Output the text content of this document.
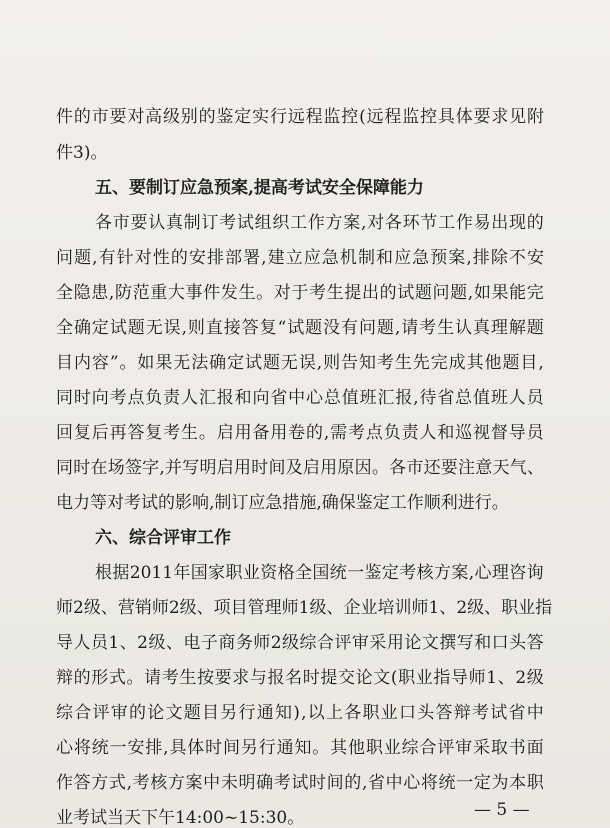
件 的 市 要 对 高 级 别 的 鉴 定 实 行 远 程 监 控 ( 远 程 监 控 具 体 要 求 见 附
件3)。
五、要制订应急预案,提高考试安全保障能力
各 市 要 认 真 制 订 考 试 组 织 工 作 方 案 , 对 各 环 节 工 作 易 出 现 的
问 题 , 有 针 对 性 的 安 排 部 署 , 建 立 应 急 机 制 和 应 急 预 案 , 排 除 不 安
全 隐 患 , 防 范 重 大 事 件 发 生 。 对 于 考 生 提 出 的 试 题 问 题 , 如 果 能 完
全 确 定 试 题 无 误 , 则 直 接 答 复 “ 试 题 没 有 问 题 , 请 考 生 认 真 理 解 题
目 内 容 ” 。 如 果 无 法 确 定 试 题 无 误 , 则 告 知 考 生 先 完 成 其 他 题 目 ,
同 时 向 考 点 负 责 人 汇 报 和 向 省 中 心 总 值 班 汇 报 , 待 省 总 值 班 人 员
回 复 后 再 答 复 考 生 。 启 用 备 用 卷 的 , 需 考 点 负 责 人 和 巡 视 督 导 员
同 时 在 场 签 字 , 并 写 明 启 用 时 间 及 启 用 原 因 。 各 市 还 要 注 意 天 气 、
电力等对考试的影响,制订应急措施,确保鉴定工作顺利进行。
六、综合评审工作
根 据 2011 年 国 家 职 业 资 格 全 国 统 一 鉴 定 考 核 方 案 , 心 理 咨 询
师 2 级 、 营 销 师 2 级 、 项 目 管 理 师 1 级 、 企 业 培 训 师 1 、 2 级 、 职 业 指
导 人 员 1 、 2 级 、 电 子 商 务 师 2 级 综 合 评 审 采 用 论 文 撰 写 和 口 头 答
辩 的 形 式 。 请 考 生 按 要 求 与 报 名 时 提 交 论 文 ( 职 业 指 导 师 1 、 2 级
综 合 评 审 的 论 文 题 目 另 行 通 知 ) , 以 上 各 职 业 口 头 答 辩 考 试 省 中
心 将 统 一 安 排 , 具 体 时 间 另 行 通 知 。 其 他 职 业 综 合 评 审 采 取 书 面
作 答 方 式 , 考 核 方 案 中 未 明 确 考 试 时 间 的 , 省 中 心 将 统 一 定 为 本 职
业考试当天下午14:00~15:30。	— 5 —
